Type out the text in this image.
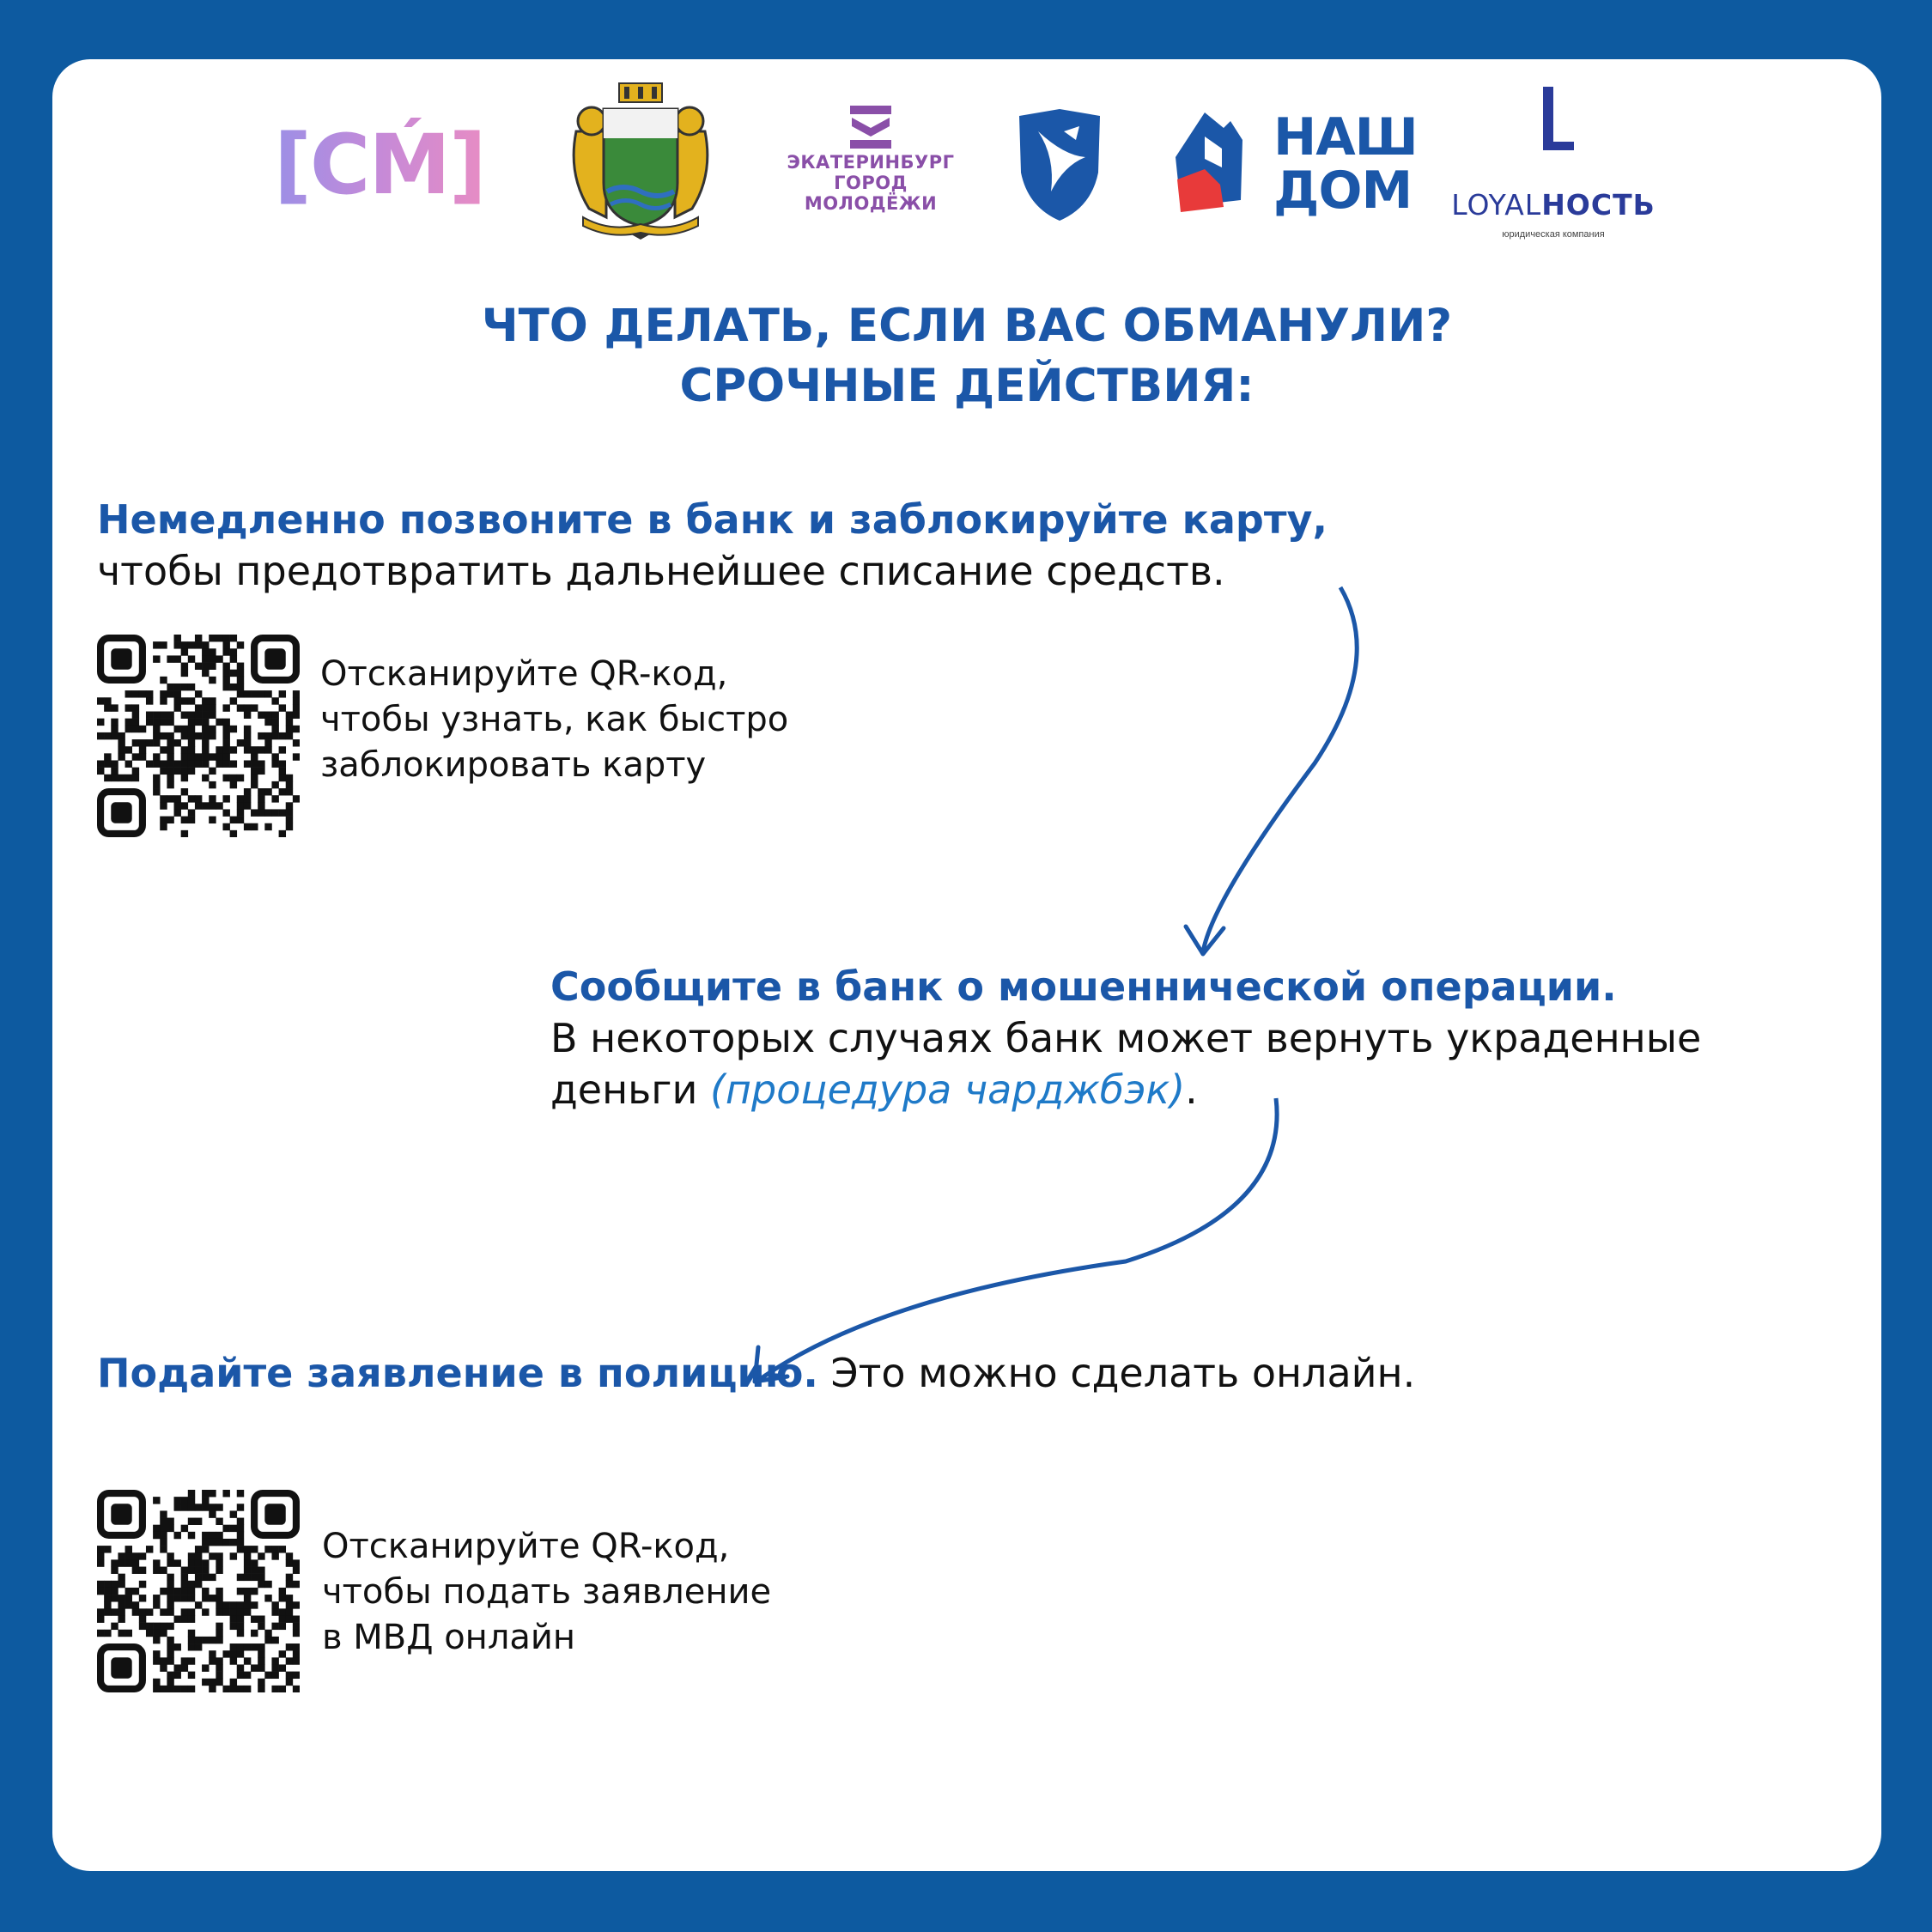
[CḾ]	ЭКАТЕРИНБУРГ
ГОРОД МОЛОДЁЖИ
НАШ
ДОМ	LOYALНОСТЬ
юридическая компания
ЧТО ДЕЛАТЬ, ЕСЛИ ВАС ОБМАНУЛИ?
СРОЧНЫЕ ДЕЙСТВИЯ:
Немедленно позвоните в банк и заблокируйте карту,
чтобы предотвратить дальнейшее списание средств.
Отсканируйте QR-код,
чтобы узнать, как быстро
заблокировать карту
Сообщите в банк о мошеннической операции.
В некоторых случаях банк может вернуть украденные
деньги (процедура чарджбэк).
Подайте заявление в полицию. Это можно сделать онлайн.
Отсканируйте QR-код,
чтобы подать заявление
в МВД онлайн
